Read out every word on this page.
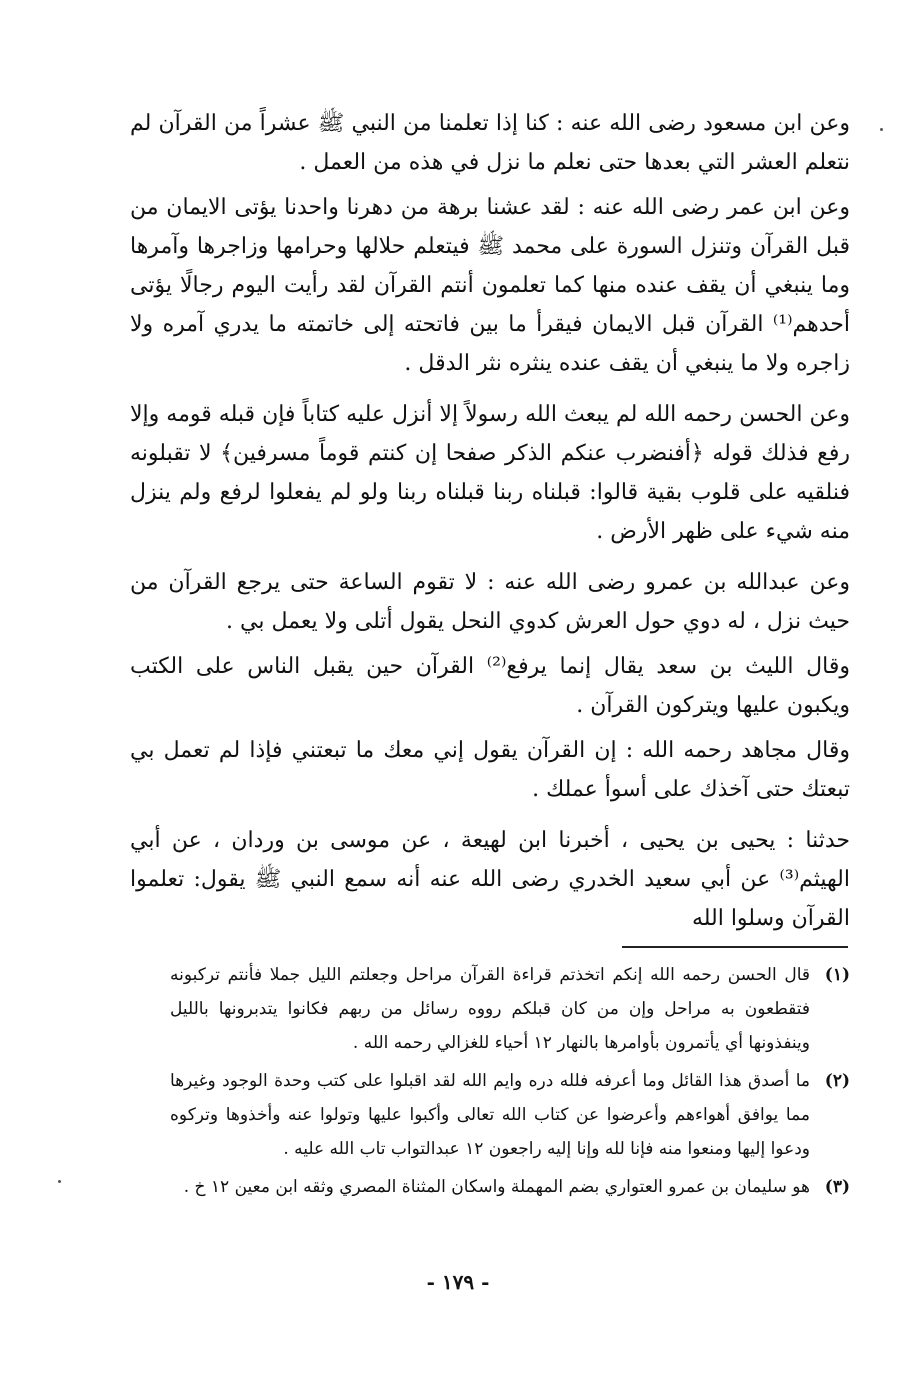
وعن ابن مسعود رضى الله عنه : كنا إذا تعلمنا من النبي ﷺ عشراً من القرآن لم نتعلم العشر التي بعدها حتى نعلم ما نزل في هذه من العمل .

وعن ابن عمر رضى الله عنه : لقد عشنا برهة من دهرنا واحدنا يؤتى الايمان من قبل القرآن وتنزل السورة على محمد ﷺ فيتعلم حلالها وحرامها وزاجرها وآمرها وما ينبغي أن يقف عنده منها كما تعلمون أنتم القرآن لقد رأيت اليوم رجالًا يؤتى أحدهم⁽¹⁾ القرآن قبل الايمان فيقرأ ما بين فاتحته إلى خاتمته ما يدري آمره ولا زاجره ولا ما ينبغي أن يقف عنده ينثره نثر الدقل .

وعن الحسن رحمه الله لم يبعث الله رسولاً إلا أنزل عليه كتاباً فإن قبله قومه وإلا رفع فذلك قوله ﴿أفنضرب عنكم الذكر صفحا إن كنتم قوماً مسرفين﴾ لا تقبلونه فنلقيه على قلوب بقية قالوا: قبلناه ربنا قبلناه ربنا ولو لم يفعلوا لرفع ولم ينزل منه شيء على ظهر الأرض .

وعن عبدالله بن عمرو رضى الله عنه : لا تقوم الساعة حتى يرجع القرآن من حيث نزل ، له دوي حول العرش كدوي النحل يقول أتلى ولا يعمل بي .

وقال الليث بن سعد يقال إنما يرفع⁽²⁾ القرآن حين يقبل الناس على الكتب ويكبون عليها ويتركون القرآن .

وقال مجاهد رحمه الله : إن القرآن يقول إني معك ما تبعتني فإذا لم تعمل بي تبعتك حتى آخذك على أسوأ عملك .

حدثنا : يحيى بن يحيى ، أخبرنا ابن لهيعة ، عن موسى بن وردان ، عن أبي الهيثم⁽³⁾ عن أبي سعيد الخدري رضى الله عنه أنه سمع النبي ﷺ يقول: تعلموا القرآن وسلوا الله

(١)
قال الحسن رحمه الله إنكم اتخذتم قراءة القرآن مراحل وجعلتم الليل جملا فأنتم تركبونه فتقطعون به مراحل وإن من كان قبلكم رووه رسائل من ربهم فكانوا يتدبرونها بالليل وينفذونها أي يأتمرون بأوامرها بالنهار ١٢ أحياء للغزالي رحمه الله .
(٢)
ما أصدق هذا القائل وما أعرفه فلله دره وايم الله لقد اقبلوا على كتب وحدة الوجود وغيرها مما يوافق أهواءهم وأعرضوا عن كتاب الله تعالى وأكبوا عليها وتولوا عنه وأخذوها وتركوه ودعوا إليها ومنعوا منه فإنا لله وإنا إليه راجعون ١٢ عبدالتواب تاب الله عليه .
(٣)
هو سليمان بن عمرو العتواري بضم المهملة واسكان المثناة المصري وثقه ابن معين ١٢ خ .
- ١٧٩ -
